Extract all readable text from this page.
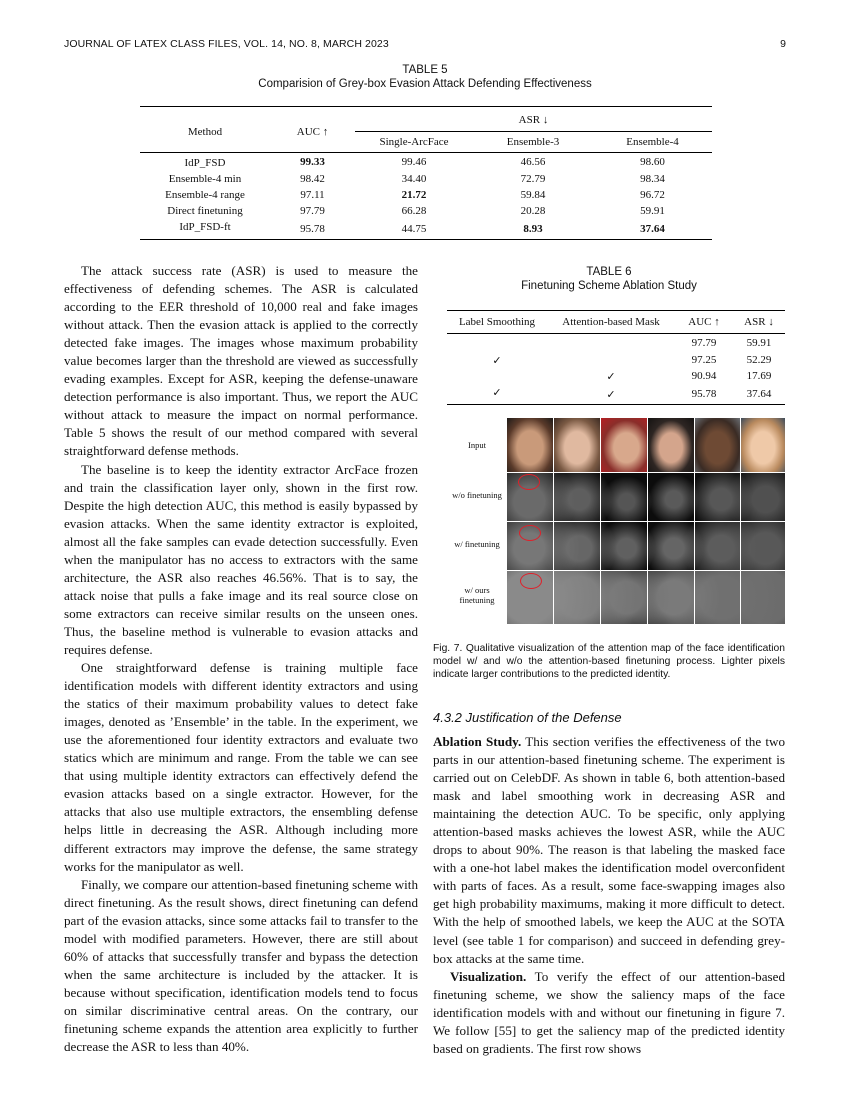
JOURNAL OF LATEX CLASS FILES, VOL. 14, NO. 8, MARCH 2023	9
TABLE 5
Comparision of Grey-box Evasion Attack Defending Effectiveness
Method	AUC ↑	ASR ↓		
		Single-ArcFace	Ensemble-3	Ensemble-4
IdP_FSD	99.33	99.46	46.56	98.60
Ensemble-4 min	98.42	34.40	72.79	98.34
Ensemble-4 range	97.11	21.72	59.84	96.72
Direct finetuning	97.79	66.28	20.28	59.91
IdP_FSD-ft	95.78	44.75	8.93	37.64

The attack success rate (ASR) is used to measure the effectiveness of defending schemes. The ASR is calculated according to the EER threshold of 10,000 real and fake images without attack. Then the evasion attack is applied to the correctly detected fake images. The images whose maximum probability value becomes larger than the threshold are viewed as successfully evading examples. Except for ASR, keeping the defense-unaware detection performance is also important. Thus, we report the AUC without attack to measure the impact on normal performance. Table 5 shows the result of our method compared with several straightforward defense methods.

The baseline is to keep the identity extractor ArcFace frozen and train the classification layer only, shown in the first row. Despite the high detection AUC, this method is easily bypassed by evasion attacks. When the same identity extractor is exploited, almost all the fake samples can evade detection successfully. Even when the manipulator has no access to extractors with the same architecture, the ASR also reaches 46.56%. That is to say, the attack noise that pulls a fake image and its real source close on some extractors can receive similar results on the unseen ones. Thus, the baseline method is vulnerable to evasion attacks and requires defense.

One straightforward defense is training multiple face identification models with different identity extractors and using the statics of their maximum probability values to detect fake images, denoted as ’Ensemble’ in the table. In the experiment, we use the aforementioned four identity extractors and evaluate two statics which are minimum and range. From the table we can see that using multiple identity extractors can effectively defend the evasion attacks based on a single extractor. However, for the attacks that also use multiple extractors, the ensembling defense helps little in decreasing the ASR. Although including more different extractors may improve the defense, the same strategy works for the manipulator as well.

Finally, we compare our attention-based finetuning scheme with direct finetuning. As the result shows, direct finetuning can defend part of the evasion attacks, since some attacks fail to transfer to the model with modified parameters. However, there are still about 60% of attacks that successfully transfer and bypass the detection when the same architecture is included by the attacker. It is because without specification, identification models tend to focus on similar discriminative central areas. On the contrary, our finetuning scheme expands the attention area explicitly to further decrease the ASR to less than 40%.

TABLE 6
Finetuning Scheme Ablation Study
Label Smoothing	Attention-based Mask	AUC ↑	ASR ↓
		97.79	59.91
✓		97.25	52.29
	✓	90.94	17.69
✓	✓	95.78	37.64
Input
w/o finetuning
w/ finetuning
w/ ours finetuning
Fig. 7. Qualitative visualization of the attention map of the face identification model w/ and w/o the attention-based finetuning process. Lighter pixels indicate larger contributions to the predicted identity.
4.3.2 Justification of the Defense

Ablation Study. This section verifies the effectiveness of the two parts in our attention-based finetuning scheme. The experiment is carried out on CelebDF. As shown in table 6, both attention-based mask and label smoothing work in decreasing ASR and maintaining the detection AUC. To be specific, only applying attention-based masks achieves the lowest ASR, while the AUC drops to about 90%. The reason is that labeling the masked face with a one-hot label makes the identification model overconfident with parts of faces. As a result, some face-swapping images also get high probability maximums, making it more difficult to detect. With the help of smoothed labels, we keep the AUC at the SOTA level (see table 1 for comparison) and succeed in defending grey-box attacks at the same time.

Visualization. To verify the effect of our attention-based finetuning scheme, we show the saliency maps of the face identification models with and without our finetuning in figure 7. We follow [55] to get the saliency map of the predicted identity based on gradients. The first row shows
